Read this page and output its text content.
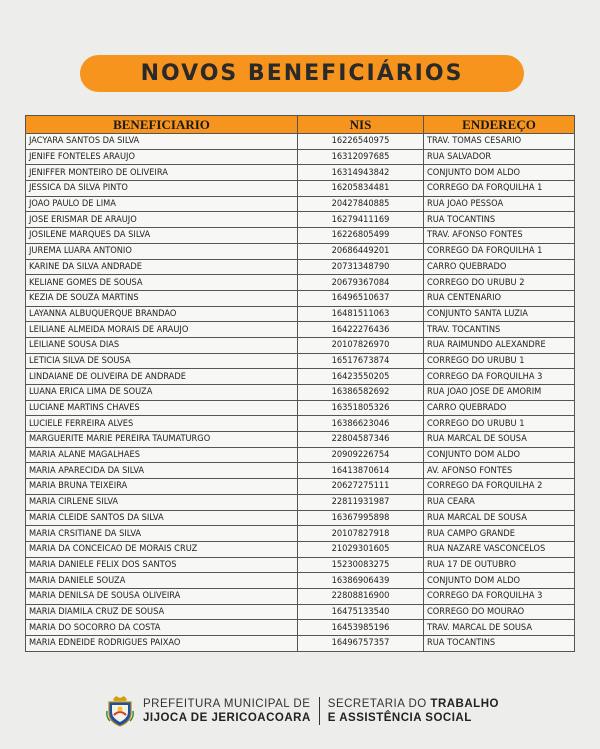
NOVOS BENEFICIÁRIOS
BENEFICIARIO	NIS	ENDEREÇO
JACYARA SANTOS DA SILVA	16226540975	TRAV. TOMAS CESARIO
JENIFE FONTELES ARAUJO	16312097685	RUA SALVADOR
JENIFFER MONTEIRO DE OLIVEIRA	16314943842	CONJUNTO DOM ALDO
JESSICA DA SILVA PINTO	16205834481	CORREGO DA FORQUILHA 1
JOAO PAULO DE LIMA	20427840885	RUA JOAO PESSOA
JOSE ERISMAR DE ARAUJO	16279411169	RUA TOCANTINS
JOSILENE MARQUES DA SILVA	16226805499	TRAV. AFONSO FONTES
JUREMA LUARA ANTONIO	20686449201	CORREGO DA FORQUILHA 1
KARINE DA SILVA ANDRADE	20731348790	CARRO QUEBRADO
KELIANE GOMES DE SOUSA	20679367084	CORREGO DO URUBU 2
KEZIA DE SOUZA MARTINS	16496510637	RUA CENTENARIO
LAYANNA ALBUQUERQUE BRANDAO	16481511063	CONJUNTO SANTA LUZIA
LEILIANE ALMEIDA MORAIS DE ARAUJO	16422276436	TRAV. TOCANTINS
LEILIANE SOUSA DIAS	20107826970	RUA RAIMUNDO ALEXANDRE
LETICIA SILVA DE SOUSA	16517673874	CORREGO DO URUBU 1
LINDAIANE DE OLIVEIRA DE ANDRADE	16423550205	CORREGO DA FORQUILHA 3
LUANA ERICA LIMA DE SOUZA	16386582692	RUA JOAO JOSE DE AMORIM
LUCIANE MARTINS CHAVES	16351805326	CARRO QUEBRADO
LUCIELE FERREIRA ALVES	16386623046	CORREGO DO URUBU 1
MARGUERITE MARIE PEREIRA TAUMATURGO	22804587346	RUA MARCAL DE SOUSA
MARIA ALANE MAGALHAES	20909226754	CONJUNTO DOM ALDO
MARIA APARECIDA DA SILVA	16413870614	AV. AFONSO FONTES
MARIA BRUNA TEIXEIRA	20627275111	CORREGO DA FORQUILHA 2
MARIA CIRLENE SILVA	22811931987	RUA CEARA
MARIA CLEIDE SANTOS DA SILVA	16367995898	RUA MARCAL DE SOUSA
MARIA CRSITIANE DA SILVA	20107827918	RUA CAMPO GRANDE
MARIA DA CONCEICAO DE MORAIS CRUZ	21029301605	RUA NAZARE VASCONCELOS
MARIA DANIELE FELIX DOS SANTOS	15230083275	RUA 17 DE OUTUBRO
MARIA DANIELE SOUZA	16386906439	CONJUNTO DOM ALDO
MARIA DENILSA DE SOUSA OLIVEIRA	22808816900	CORREGO DA FORQUILHA 3
MARIA DIAMILA CRUZ DE SOUSA	16475133540	CORREGO DO MOURAO
MARIA DO SOCORRO DA COSTA	16453985196	TRAV. MARCAL DE SOUSA
MARIA EDNEIDE RODRIGUES PAIXAO	16496757357	RUA TOCANTINS
PREFEITURA MUNICIPAL DE
JIJOCA DE JERICOACOARA
SECRETARIA DO TRABALHO
E ASSISTÊNCIA SOCIAL
